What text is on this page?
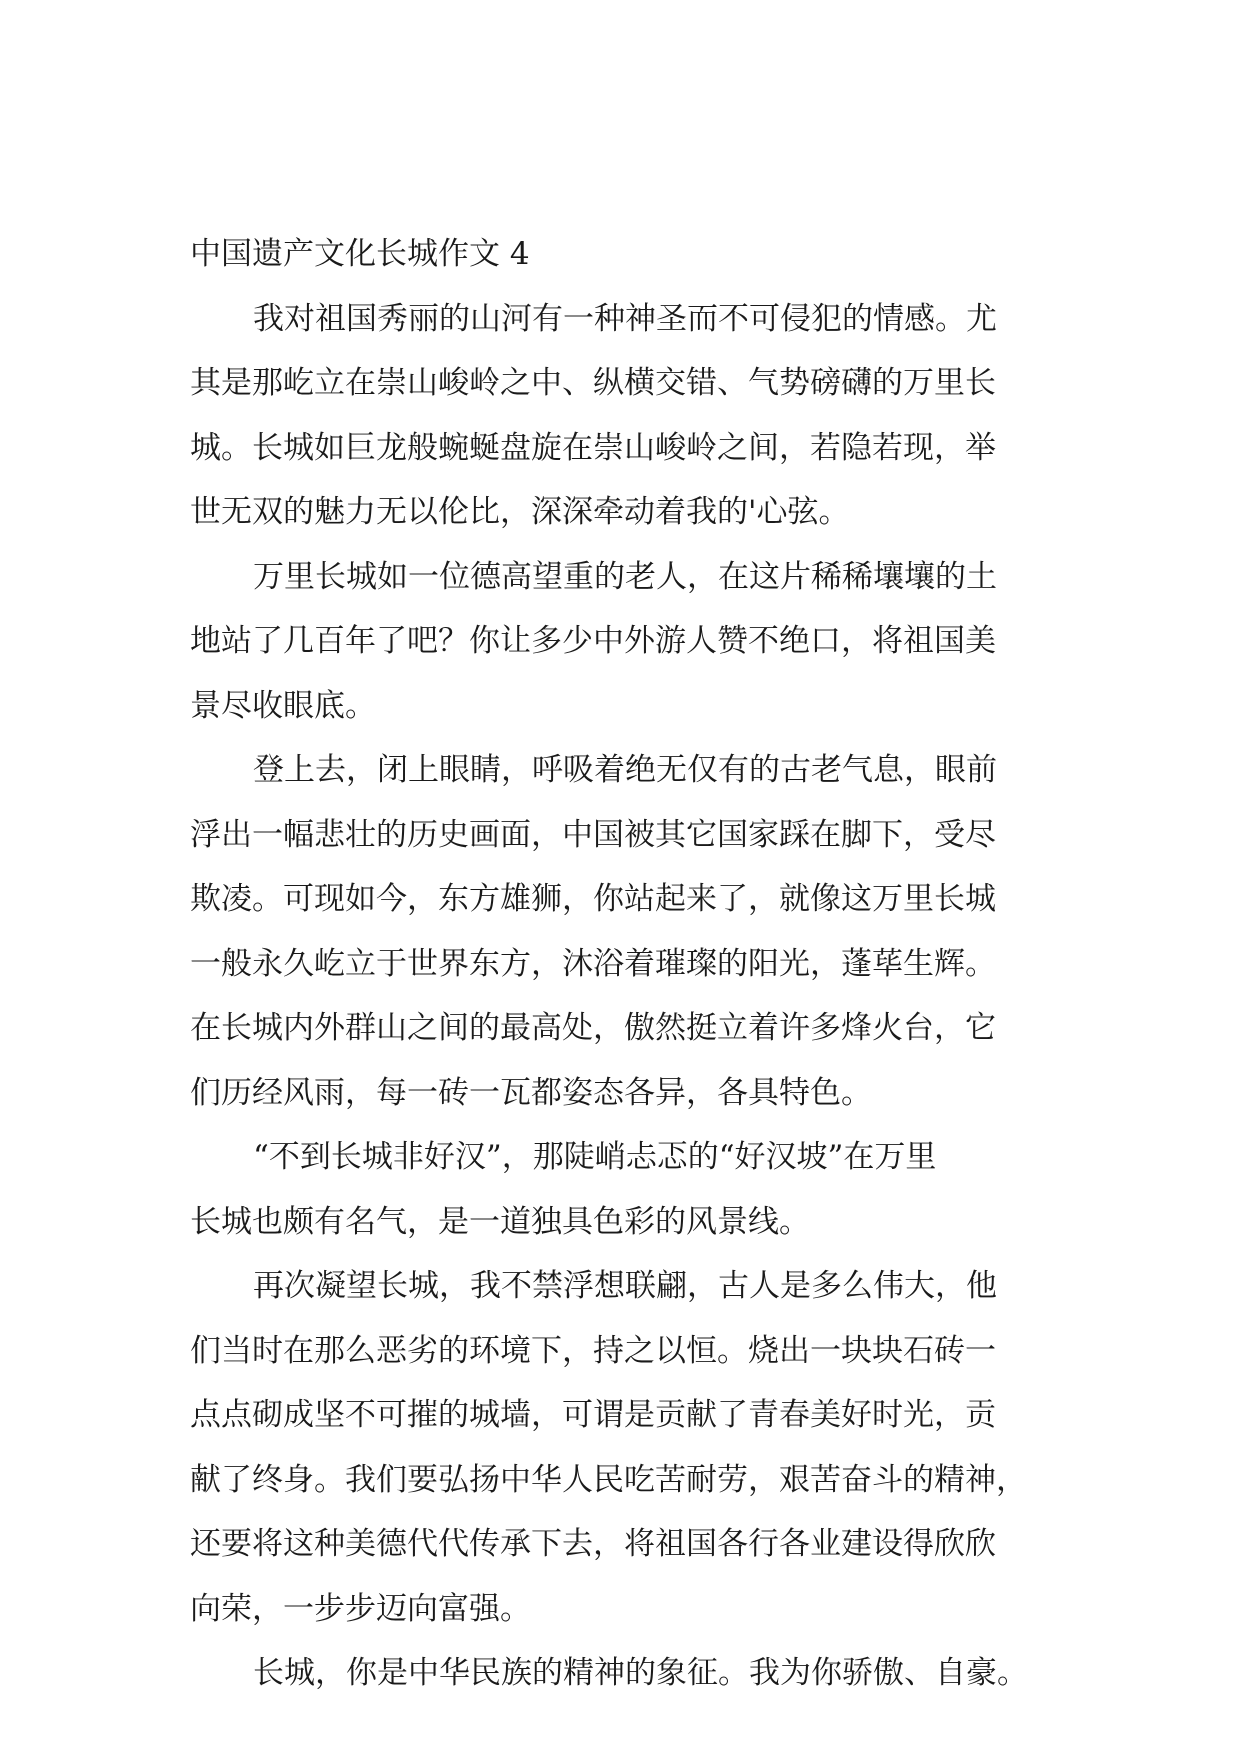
中国遗产文化长城作文 4

我对祖国秀丽的山河有一种神圣而不可侵犯的情感。尤
其是那屹立在崇山峻岭之中、纵横交错、气势磅礴的万里长
城。长城如巨龙般蜿蜒盘旋在崇山峻岭之间，若隐若现，举
世无双的魅力无以伦比，深深牵动着我的'心弦。

万里长城如一位德高望重的老人，在这片稀稀壤壤的土
地站了几百年了吧？你让多少中外游人赞不绝口，将祖国美
景尽收眼底。

登上去，闭上眼睛，呼吸着绝无仅有的古老气息，眼前
浮出一幅悲壮的历史画面，中国被其它国家踩在脚下，受尽
欺凌。可现如今，东方雄狮，你站起来了，就像这万里长城
一般永久屹立于世界东方，沐浴着璀璨的阳光，蓬荜生辉。
在长城内外群山之间的最高处，傲然挺立着许多烽火台，它
们历经风雨，每一砖一瓦都姿态各异，各具特色。

“不到长城非好汉”，那陡峭忐忑的“好汉坡”在万里
长城也颇有名气，是一道独具色彩的风景线。

再次凝望长城，我不禁浮想联翩，古人是多么伟大，他
们当时在那么恶劣的环境下，持之以恒。烧出一块块石砖一
点点砌成坚不可摧的城墙，可谓是贡献了青春美好时光，贡
献了终身。我们要弘扬中华人民吃苦耐劳，艰苦奋斗的精神，
还要将这种美德代代传承下去，将祖国各行各业建设得欣欣
向荣，一步步迈向富强。

长城，你是中华民族的精神的象征。我为你骄傲、自豪。
